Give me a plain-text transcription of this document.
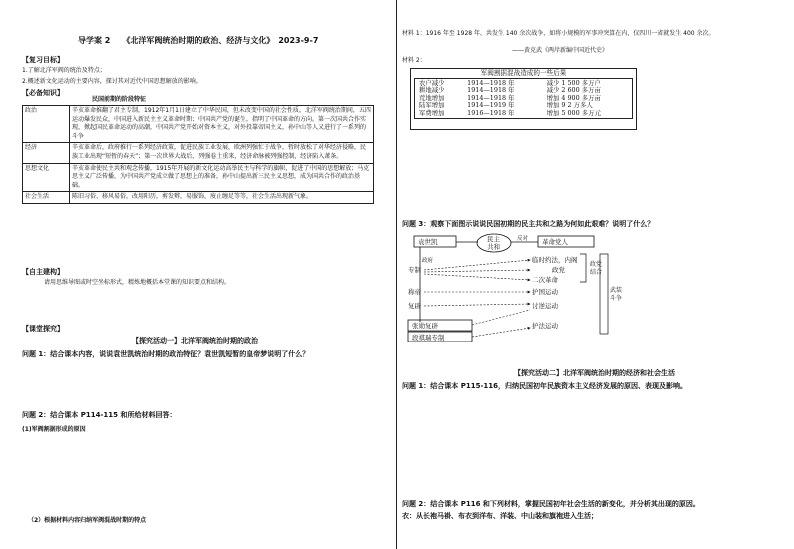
导学案 2　　《北洋军阀统治时期的政治、经济与文化》　2023-9-7
【复习目标】
1.了解北洋军阀的统治及特点；
2.概述新文化运动的主要内容，探讨其对近代中国思想解放的影响。
【必备知识】
民国前期的阶段特征
政治	辛亥革命推翻了君主专制，1912年1月1日建立了中华民国，但未改变中国的社会性质。北洋军阀统治期间，五四运动爆发民众，中国进入新民主主义革命时期；中国共产党的诞生，指明了中国革命的方向。第一次国共合作实现，掀起国民革命运动的高潮，中国共产党开始对资本主义，对外投靠帝国主义，孙中山等人又进行了一系列的斗争
经济	辛亥革命后，政府推行一系列经济政策，促进民族工业发展，欧洲列强忙于战争，暂时放松了对华经济侵略，民族工业出现“短暂的春天”；第一次世界大战后，列强卷土重来，经济命脉被列强控制，经济陷入萧条。
思想文化	辛亥革命使民主共和观念传播，1915年开展的新文化运动高举民主与科学的旗帜，促进了中国的思想解放；马克思主义广泛传播，为中国共产党成立做了思想上的准备，孙中山提出新三民主义思想，成为国共合作的政治基础。
社会生活	陈旧习俗、移风易俗，改用阳历，剪发辫，易服饰，废止缠足等等，社会生活出现新气象。
【自主建构】
请用思维导图或时空坐标形式，精炼地概括本堂课的知识要点和结构。
【课堂探究】
【探究活动一】北洋军阀统治时期的政治
问题 1：结合课本内容，说说袁世凯统治时期的政治特征？袁世凯短暂的皇帝梦说明了什么？
问题 2：结合课本 P114-115 和所给材料回答：
(1)军阀割据形成的原因
（2）根据材料内容归纳军阀混战时期的特点
材料 1：1916 年至 1928 年，共发生 140 余次战争，如将小规模的军事冲突算在内，仅四川一省就发生 400 余次。
——黄克武《两岸新编中国近代史》
材料 2：
军阀割据混战造成的一些后果
农户减少	1914—1918 年	减少 1 500 多万户
耕地减少	1914—1918 年	减少 2 600 多万亩
荒地增加	1914—1918 年	增加 4 900 多万亩
陆军增加	1914—1919 年	增加 9 2 万多人
军费增加	1916—1918 年	增加 5 000 多万元
问题 3：观察下面图示说说民国初期的民主共和之路为何如此艰难？说明了什么？
袁世凯	民主
共和
反对 革命党人
政府
专制
称帝
复辟
临时约法，内阁
政党
二次革命
护国运动
讨逆运动
护法运动
政党
结合
武装
斗争
张勋复辟
段祺瑞专制
【探究活动二】北洋军阀统治时期的经济和社会生活
问题 1：结合课本 P115-116，归纳民国初年民族资本主义经济发展的原因、表现及影响。
问题 2：结合课本 P116 和下列材料，掌握民国初年社会生活的新变化，并分析其出现的原因。
衣：从长袍马褂、布衣到洋布、洋装、中山装和旗袍进入生活；
